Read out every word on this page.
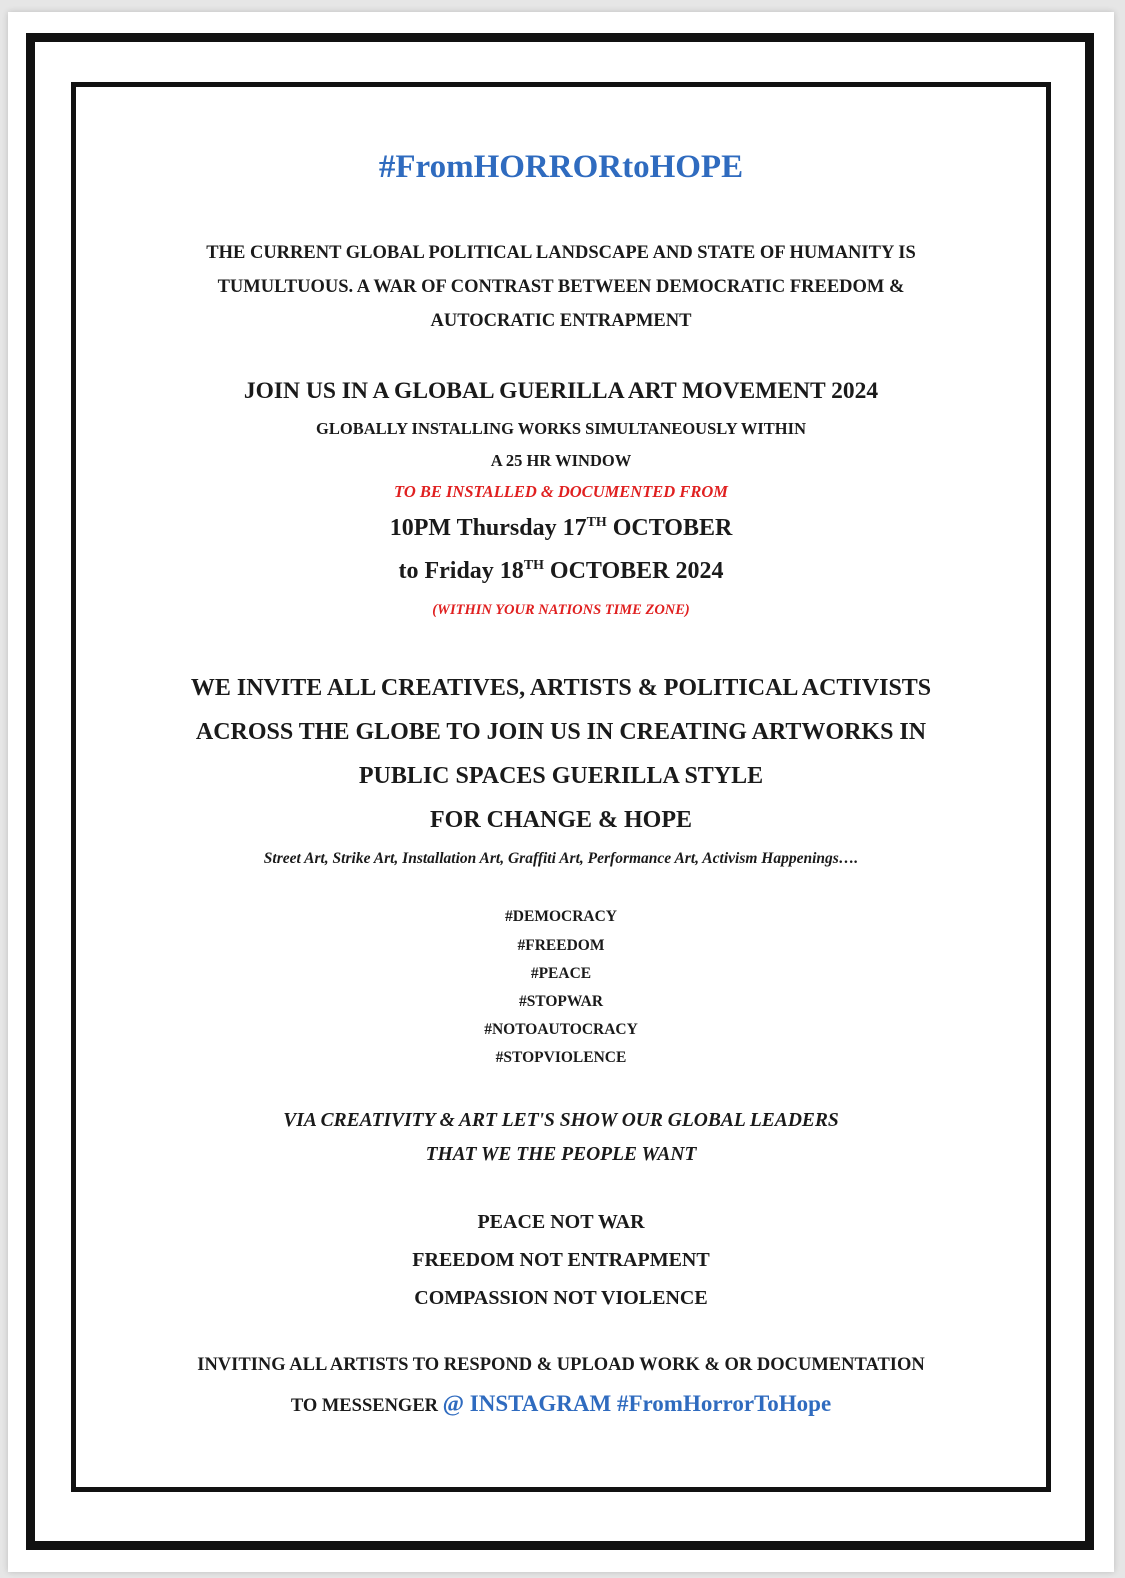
#FromHORRORtoHOPE
THE CURRENT GLOBAL POLITICAL LANDSCAPE AND STATE OF HUMANITY IS
TUMULTUOUS. A WAR OF CONTRAST BETWEEN DEMOCRATIC FREEDOM &
AUTOCRATIC ENTRAPMENT
JOIN US IN A GLOBAL GUERILLA ART MOVEMENT 2024
GLOBALLY INSTALLING WORKS SIMULTANEOUSLY WITHIN
A 25 HR WINDOW
TO BE INSTALLED & DOCUMENTED FROM
10PM Thursday 17TH OCTOBER
to Friday 18TH OCTOBER 2024
(WITHIN YOUR NATIONS TIME ZONE)
WE INVITE ALL CREATIVES, ARTISTS & POLITICAL ACTIVISTS
ACROSS THE GLOBE TO JOIN US IN CREATING ARTWORKS IN
PUBLIC SPACES GUERILLA STYLE
FOR CHANGE & HOPE
Street Art, Strike Art, Installation Art, Graffiti Art, Performance Art, Activism Happenings….
#DEMOCRACY
#FREEDOM
#PEACE
#STOPWAR
#NOTOAUTOCRACY
#STOPVIOLENCE
VIA CREATIVITY & ART LET'S SHOW OUR GLOBAL LEADERS
THAT WE THE PEOPLE WANT
PEACE NOT WAR
FREEDOM NOT ENTRAPMENT
COMPASSION NOT VIOLENCE
INVITING ALL ARTISTS TO RESPOND & UPLOAD WORK & OR DOCUMENTATION
TO MESSENGER @ INSTAGRAM #FromHorrorToHope
